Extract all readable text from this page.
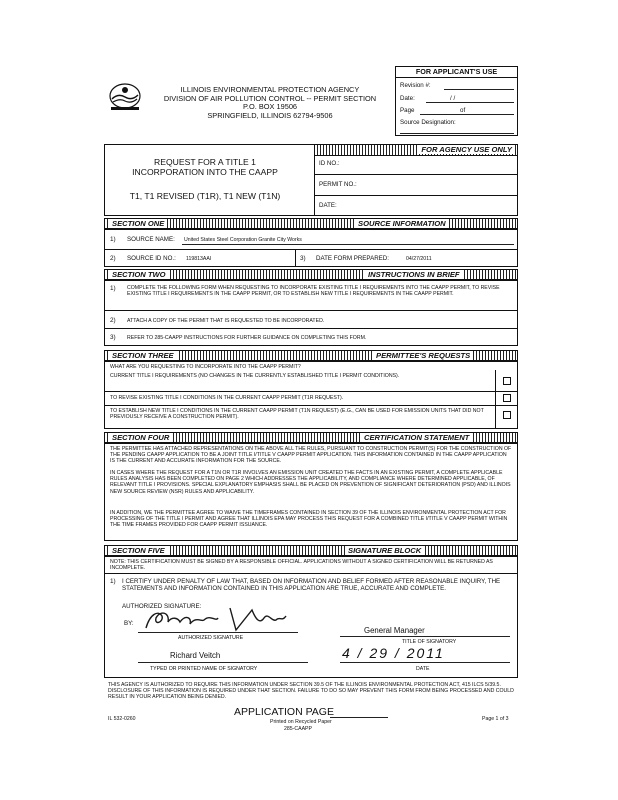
ILLINOIS ENVIRONMENTAL PROTECTION AGENCY
DIVISION OF AIR POLLUTION CONTROL -- PERMIT SECTION
P.O. BOX 19506
SPRINGFIELD, ILLINOIS 62794-9506
FOR APPLICANT'S USE
Revision #:
Date:	/ /
Page	of
Source Designation:
REQUEST FOR A TITLE 1
INCORPORATION INTO THE CAAPP
T1, T1 REVISED (T1R), T1 NEW (T1N)
FOR AGENCY USE ONLY
ID NO.:
PERMIT NO.:
DATE:
SECTION ONE	SOURCE INFORMATION
1) SOURCE NAME: United States Steel Corporation Granite City Works
2) SOURCE ID NO.: 119813AAI	3) DATE FORM PREPARED:	04/27/2011
SECTION TWO	INSTRUCTIONS IN BRIEF
1) COMPLETE THE FOLLOWING FORM WHEN REQUESTING TO INCORPORATE EXISTING TITLE I REQUIREMENTS INTO THE CAAPP PERMIT, TO REVISE EXISTING TITLE I REQUIREMENTS IN THE CAAPP PERMIT, OR TO ESTABLISH NEW TITLE I REQUIREMENTS IN THE CAAPP PERMIT.
2) ATTACH A COPY OF THE PERMIT THAT IS REQUESTED TO BE INCORPORATED.
3) REFER TO 285-CAAPP INSTRUCTIONS FOR FURTHER GUIDANCE ON COMPLETING THIS FORM.
SECTION THREE	PERMITTEE'S REQUESTS
WHAT ARE YOU REQUESTING TO INCORPORATE INTO THE CAAPP PERMIT?
CURRENT TITLE I REQUIREMENTS (NO CHANGES IN THE CURRENTLY ESTABLISHED TITLE I PERMIT CONDITIONS).
TO REVISE EXISTING TITLE I CONDITIONS IN THE CURRENT CAAPP PERMIT (T1R REQUEST).
TO ESTABLISH NEW TITLE I CONDITIONS IN THE CURRENT CAAPP PERMIT (T1N REQUEST) (E.G., CAN BE USED FOR EMISSION UNITS THAT DID NOT PREVIOUSLY RECEIVE A CONSTRUCTION PERMIT).
SECTION FOUR	CERTIFICATION STATEMENT
THE PERMITTEE HAS ATTACHED REPRESENTATIONS ON THE ABOVE ALL THE RULES, PURSUANT TO CONSTRUCTION PERMIT(S) FOR THE CONSTRUCTION OF THE PENDING CAAPP APPLICATION TO BE A JOINT TITLE I/TITLE V CAAPP PERMIT APPLICATION. THIS INFORMATION CONTAINED IN THE CAAPP APPLICATION IS THE CURRENT AND ACCURATE INFORMATION FOR THE SOURCE.
IN CASES WHERE THE REQUEST FOR A T1N OR T1R INVOLVES AN EMISSION UNIT CREATED THE FACTS IN AN EXISTING PERMIT, A COMPLETE APPLICABLE RULES ANALYSIS HAS BEEN COMPLETED ON PAGE 2 WHICH ADDRESSES THE APPLICABILITY, AND COMPLIANCE WHERE DETERMINED APPLICABLE, OF RELEVANT TITLE I PROVISIONS. SPECIAL EXPLANATORY EMPHASIS SHALL BE PLACED ON PREVENTION OF SIGNIFICANT DETERIORATION (PSD) AND ILLINOIS NEW SOURCE REVIEW (NSR) RULES AND APPLICABILITY.
IN ADDITION, WE THE PERMITTEE AGREE TO WAIVE THE TIMEFRAMES CONTAINED IN SECTION 39 OF THE ILLINOIS ENVIRONMENTAL PROTECTION ACT FOR PROCESSING OF THE TITLE I PERMIT AND AGREE THAT ILLINOIS EPA MAY PROCESS THIS REQUEST FOR A COMBINED TITLE I/TITLE V CAAPP PERMIT WITHIN THE TIME FRAMES PROVIDED FOR CAAPP PERMIT ISSUANCE.
SECTION FIVE	SIGNATURE BLOCK
NOTE: THIS CERTIFICATION MUST BE SIGNED BY A RESPONSIBLE OFFICIAL. APPLICATIONS WITHOUT A SIGNED CERTIFICATION WILL BE RETURNED AS INCOMPLETE.
1) I CERTIFY UNDER PENALTY OF LAW THAT, BASED ON INFORMATION AND BELIEF FORMED AFTER REASONABLE INQUIRY, THE STATEMENTS AND INFORMATION CONTAINED IN THIS APPLICATION ARE TRUE, ACCURATE AND COMPLETE.
AUTHORIZED SIGNATURE:
BY:
AUTHORIZED SIGNATURE
General Manager
TITLE OF SIGNATORY
Richard Veitch
TYPED OR PRINTED NAME OF SIGNATORY
4 / 29 / 2011
DATE
THIS AGENCY IS AUTHORIZED TO REQUIRE THIS INFORMATION UNDER SECTION 39.5 OF THE ILLINOIS ENVIRONMENTAL PROTECTION ACT, 415 ILCS 5/39.5. DISCLOSURE OF THIS INFORMATION IS REQUIRED UNDER THAT SECTION. FAILURE TO DO SO MAY PREVENT THIS FORM FROM BEING PROCESSED AND COULD RESULT IN YOUR APPLICATION BEING DENIED.
APPLICATION PAGE
IL 532-0260	Printed on Recycled Paper
285-CAAPP
Page 1 of 3
